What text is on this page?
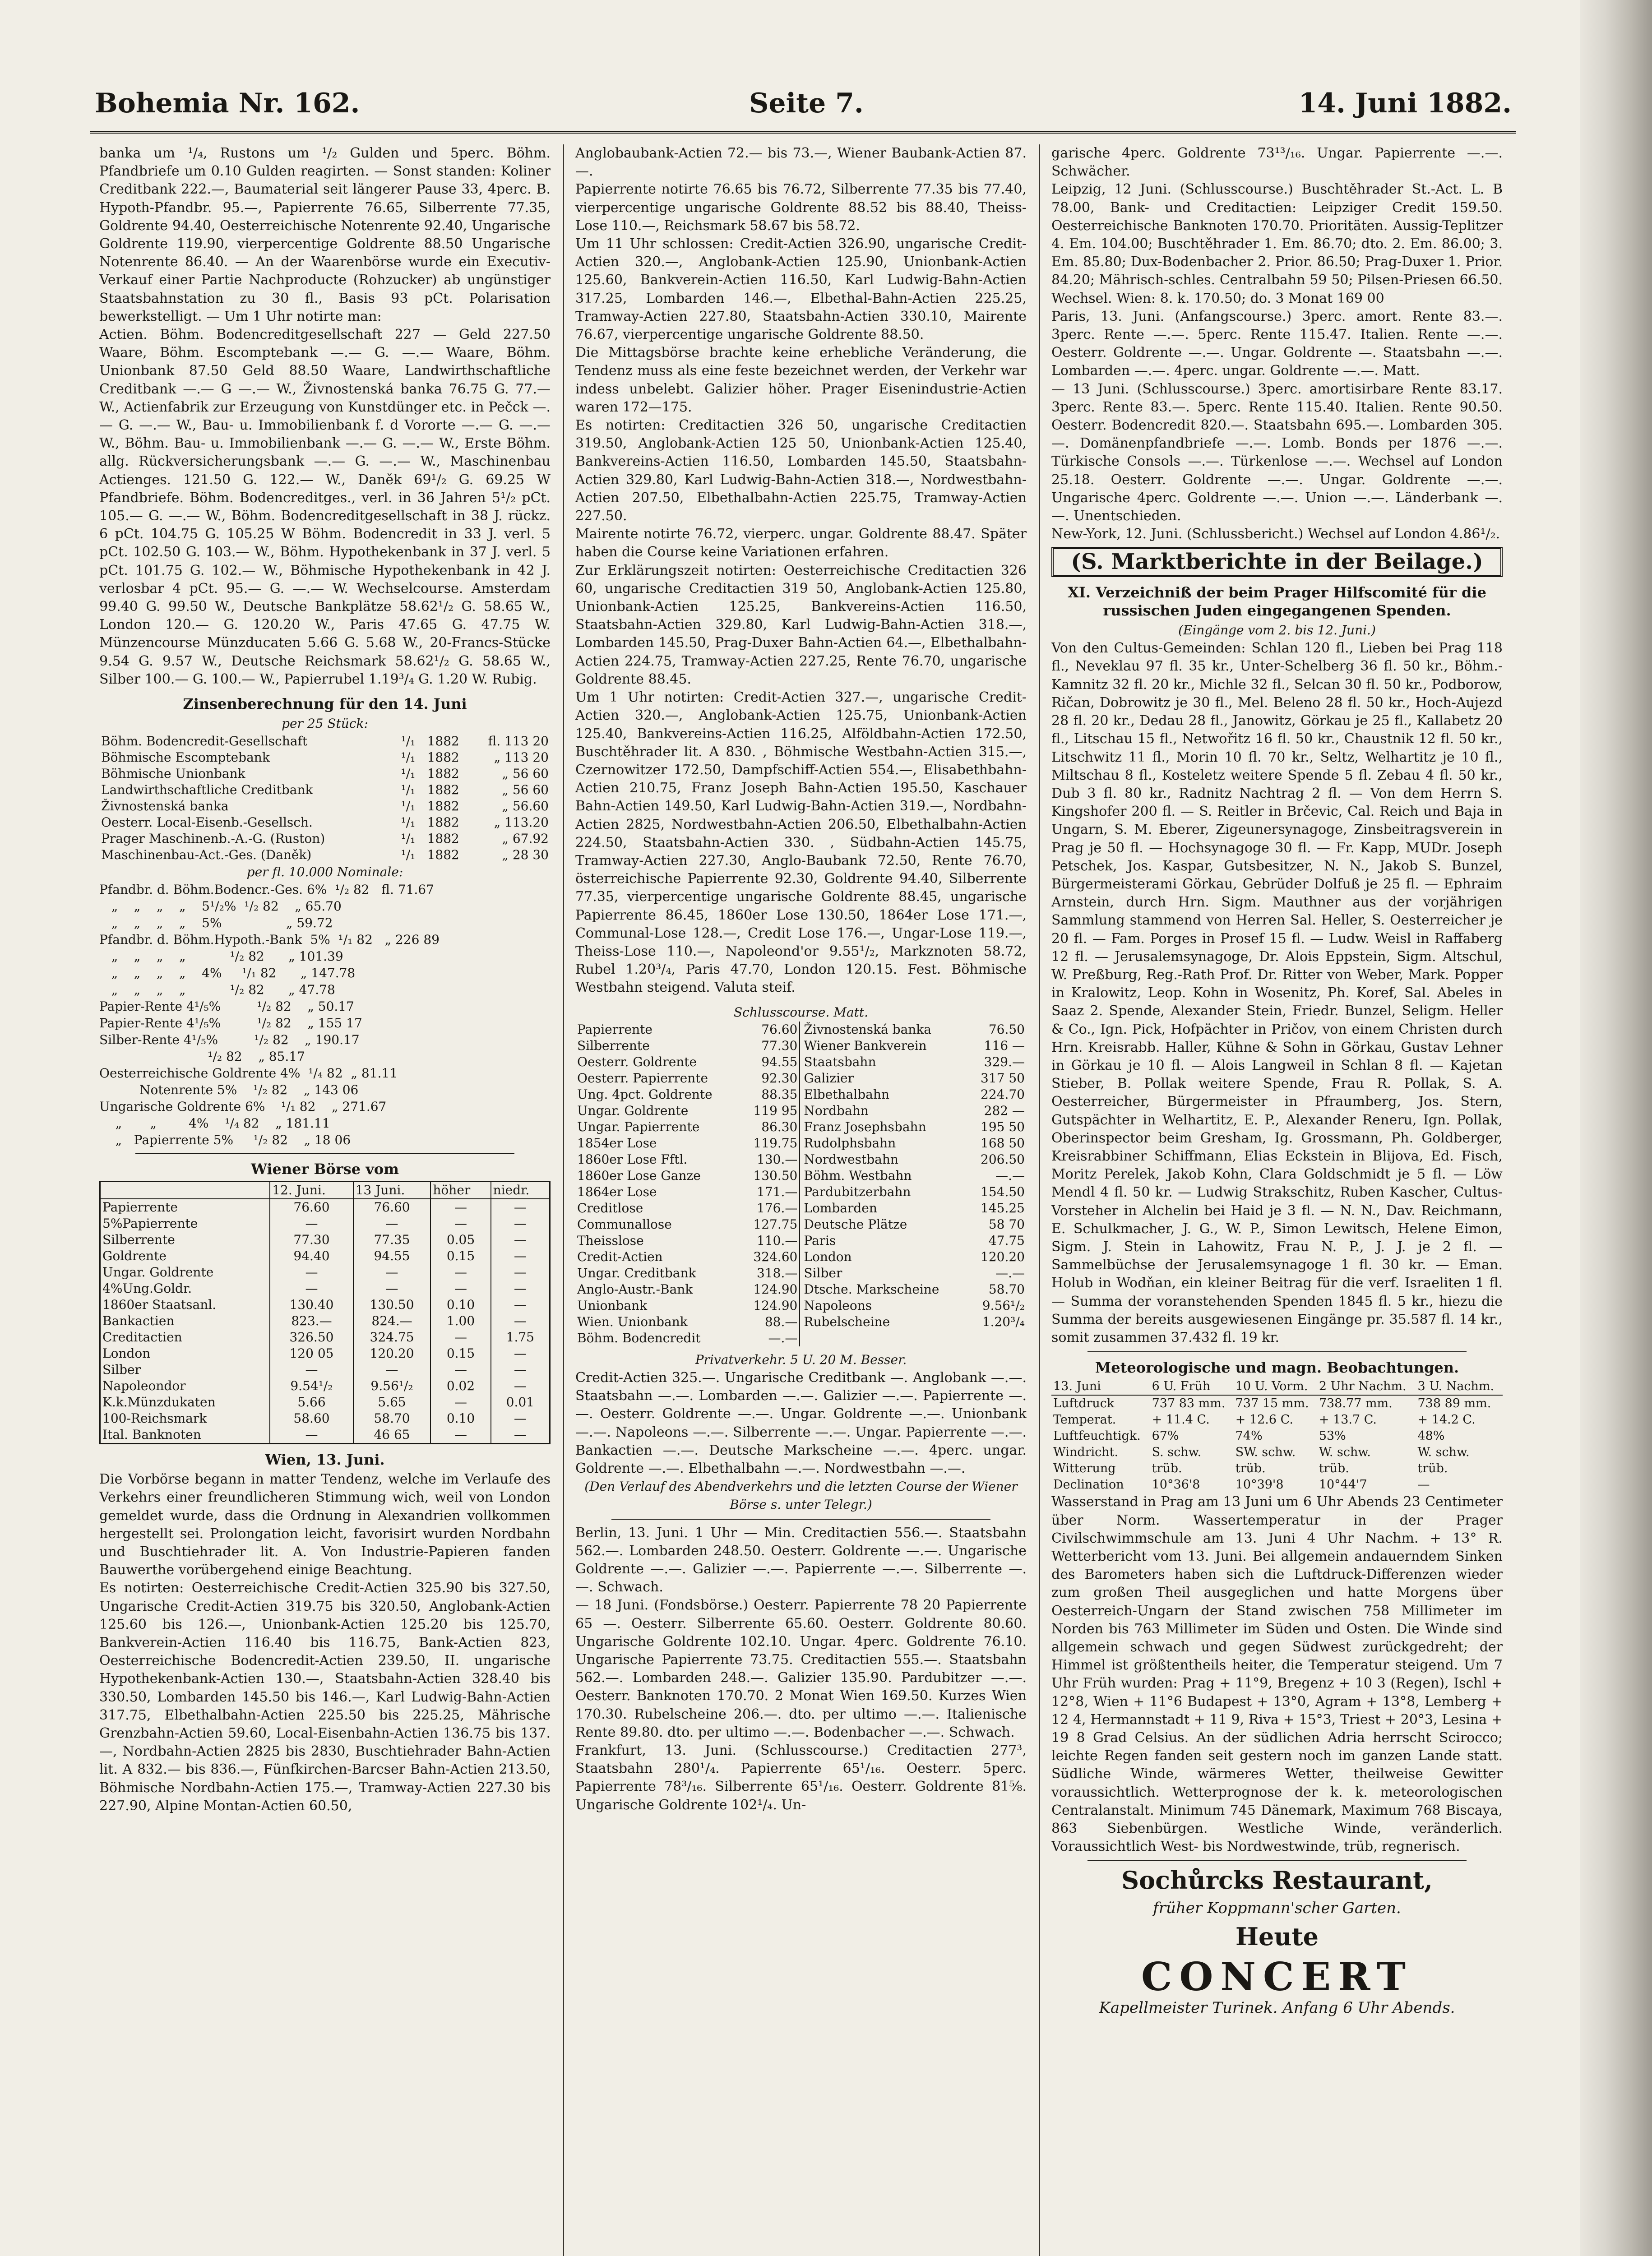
Bohemia Nr. 162.	Seite 7.	14. Juni 1882.

banka um ¹/₄, Rustons um ¹/₂ Gulden und 5perc. Böhm. Pfandbriefe um 0.10 Gulden reagirten. — Sonst standen: Koliner Creditbank 222.—, Baumaterial seit längerer Pause 33, 4perc. B. Hypoth-Pfandbr. 95.—, Papierrente 76.65, Silberrente 77.35, Goldrente 94.40, Oesterreichische Notenrente 92.40, Ungarische Goldrente 119.90, vierpercentige Goldrente 88.50 Ungarische Notenrente 86.40. — An der Waarenbörse wurde ein Executiv-Verkauf einer Partie Nachproducte (Rohzucker) ab ungünstiger Staatsbahnstation zu 30 fl., Basis 93 pCt. Polarisation bewerkstelligt. — Um 1 Uhr notirte man:

Actien. Böhm. Bodencreditgesellschaft 227 — Geld 227.50 Waare, Böhm. Escomptebank —.— G. —.— Waare, Böhm. Unionbank 87.50 Geld 88.50 Waare, Landwirthschaftliche Creditbank —.— G —.— W., Živnostenská banka 76.75 G. 77.— W., Actienfabrik zur Erzeugung von Kunstdünger etc. in Pečck —.— G. —.— W., Bau- u. Immobilienbank f. d Vororte —.— G. —.— W., Böhm. Bau- u. Immobilienbank —.— G. —.— W., Erste Böhm. allg. Rückversicherungsbank —.— G. —.— W., Maschinenbau Actienges. 121.50 G. 122.— W., Daněk 69¹/₂ G. 69.25 W Pfandbriefe. Böhm. Bodencreditges., verl. in 36 Jahren 5¹/₂ pCt. 105.— G. —.— W., Böhm. Bodencreditgesellschaft in 38 J. rückz. 6 pCt. 104.75 G. 105.25 W Böhm. Bodencredit in 33 J. verl. 5 pCt. 102.50 G. 103.— W., Böhm. Hypothekenbank in 37 J. verl. 5 pCt. 101.75 G. 102.— W., Böhmische Hypothekenbank in 42 J. verlosbar 4 pCt. 95.— G. —.— W. Wechselcourse. Amsterdam 99.40 G. 99.50 W., Deutsche Bankplätze 58.62¹/₂ G. 58.65 W., London 120.— G. 120.20 W., Paris 47.65 G. 47.75 W. Münzencourse Münzducaten 5.66 G. 5.68 W., 20-Francs-Stücke 9.54 G. 9.57 W., Deutsche Reichsmark 58.62¹/₂ G. 58.65 W., Silber 100.— G. 100.— W., Papierrubel 1.19³/₄ G. 1.20 W. Rubig.

Zinsenberechnung für den 14. Juni

per 25 Stück:

Böhm. Bodencredit-Gesellschaft	¹/₁	1882	fl. 113 20
Böhmische Escomptebank	¹/₁	1882	„ 113 20
Böhmische Unionbank	¹/₁	1882	„ 56 60
Landwirthschaftliche Creditbank	¹/₁	1882	„ 56 60
Živnostenská banka	¹/₁	1882	„ 56.60
Oesterr. Local-Eisenb.-Gesellsch.	¹/₁	1882	„ 113.20
Prager Maschinenb.-A.-G. (Ruston)	¹/₁	1882	„ 67.92
Maschinenbau-Act.-Ges. (Daněk)	¹/₁	1882	„ 28 30

per fl. 10.000 Nominale:

Pfandbr. d. Böhm.Bodencr.-Ges. 6%  ¹/₂ 82   fl. 71.67
„    „    „    „    5¹/₂%  ¹/₂ 82    „ 65.70
„    „    „    „    5%                „ 59.72
Pfandbr. d. Böhm.Hypoth.-Bank  5%  ¹/₁ 82   „ 226 89
„    „    „    „           ¹/₂ 82      „ 101.39
„    „    „    „    4%     ¹/₁ 82      „ 147.78
„    „    „    „           ¹/₂ 82      „ 47.78
Papier-Rente 4¹/₅%         ¹/₂ 82    „ 50.17
Papier-Rente 4¹/₅%         ¹/₂ 82    „ 155 17
Silber-Rente 4¹/₅%         ¹/₂ 82    „ 190.17
¹/₂ 82    „ 85.17
Oesterreichische Goldrente 4%  ¹/₄ 82  „ 81.11
Notenrente 5%    ¹/₂ 82    „ 143 06
Ungarische Goldrente 6%    ¹/₁ 82    „ 271.67
„       „        4%    ¹/₄ 82    „ 181.11
„   Papierrente 5%     ¹/₂ 82    „ 18 06

Wiener Börse vom

	12. Juni.	13 Juni.	höher	niedr.
Papierrente	76.60	76.60	—	—
5%Papierrente	—	—	—	—
Silberrente	77.30	77.35	0.05	—
Goldrente	94.40	94.55	0.15	—
Ungar. Goldrente	—	—	—	—
4%Ung.Goldr.	—	—	—	—
1860er Staatsanl.	130.40	130.50	0.10	—
Bankactien	823.—	824.—	1.00	—
Creditactien	326.50	324.75	—	1.75
London	120 05	120.20	0.15	—
Silber	—	—	—	—
Napoleondor	9.54¹/₂	9.56¹/₂	0.02	—
K.k.Münzdukaten	5.66	5.65	—	0.01
100-Reichsmark	58.60	58.70	0.10	—
Ital. Banknoten	—	46 65	—	—

Wien, 13. Juni.

Die Vorbörse begann in matter Tendenz, welche im Verlaufe des Verkehrs einer freundlicheren Stimmung wich, weil von London gemeldet wurde, dass die Ordnung in Alexandrien vollkommen hergestellt sei. Prolongation leicht, favorisirt wurden Nordbahn und Buschtiehrader lit. A. Von Industrie-Papieren fanden Bauwerthe vorübergehend einige Beachtung.

Es notirten: Oesterreichische Credit-Actien 325.90 bis 327.50, Ungarische Credit-Actien 319.75 bis 320.50, Anglobank-Actien 125.60 bis 126.—, Unionbank-Actien 125.20 bis 125.70, Bankverein-Actien 116.40 bis 116.75, Bank-Actien 823, Oesterreichische Bodencredit-Actien 239.50, II. ungarische Hypothekenbank-Actien 130.—, Staatsbahn-Actien 328.40 bis 330.50, Lombarden 145.50 bis 146.—, Karl Ludwig-Bahn-Actien 317.75, Elbethalbahn-Actien 225.50 bis 225.25, Mährische Grenzbahn-Actien 59.60, Local-Eisenbahn-Actien 136.75 bis 137.—, Nordbahn-Actien 2825 bis 2830, Buschtiehrader Bahn-Actien lit. A 832.— bis 836.—, Fünfkirchen-Barcser Bahn-Actien 213.50, Böhmische Nordbahn-Actien 175.—, Tramway-Actien 227.30 bis 227.90, Alpine Montan-Actien 60.50,

Anglobaubank-Actien 72.— bis 73.—, Wiener Baubank-Actien 87.—.

Papierrente notirte 76.65 bis 76.72, Silberrente 77.35 bis 77.40, vierpercentige ungarische Goldrente 88.52 bis 88.40, Theiss-Lose 110.—, Reichsmark 58.67 bis 58.72.

Um 11 Uhr schlossen: Credit-Actien 326.90, ungarische Credit-Actien 320.—, Anglobank-Actien 125.90, Unionbank-Actien 125.60, Bankverein-Actien 116.50, Karl Ludwig-Bahn-Actien 317.25, Lombarden 146.—, Elbethal-Bahn-Actien 225.25, Tramway-Actien 227.80, Staatsbahn-Actien 330.10, Mairente 76.67, vierpercentige ungarische Goldrente 88.50.

Die Mittagsbörse brachte keine erhebliche Veränderung, die Tendenz muss als eine feste bezeichnet werden, der Verkehr war indess unbelebt. Galizier höher. Prager Eisenindustrie-Actien waren 172—175.

Es notirten: Creditactien 326 50, ungarische Creditactien 319.50, Anglobank-Actien 125 50, Unionbank-Actien 125.40, Bankvereins-Actien 116.50, Lombarden 145.50, Staatsbahn-Actien 329.80, Karl Ludwig-Bahn-Actien 318.—, Nordwestbahn-Actien 207.50, Elbethalbahn-Actien 225.75, Tramway-Actien 227.50.

Mairente notirte 76.72, vierperc. ungar. Goldrente 88.47. Später haben die Course keine Variationen erfahren.

Zur Erklärungszeit notirten: Oesterreichische Creditactien 326 60, ungarische Creditactien 319 50, Anglobank-Actien 125.80, Unionbank-Actien 125.25, Bankvereins-Actien 116.50, Staatsbahn-Actien 329.80, Karl Ludwig-Bahn-Actien 318.—, Lombarden 145.50, Prag-Duxer Bahn-Actien 64.—, Elbethalbahn-Actien 224.75, Tramway-Actien 227.25, Rente 76.70, ungarische Goldrente 88.45.

Um 1 Uhr notirten: Credit-Actien 327.—, ungarische Credit-Actien 320.—, Anglobank-Actien 125.75, Unionbank-Actien 125.40, Bankvereins-Actien 116.25, Alföldbahn-Actien 172.50, Buschtěhrader lit. A 830. , Böhmische Westbahn-Actien 315.—, Czernowitzer 172.50, Dampfschiff-Actien 554.—, Elisabethbahn-Actien 210.75, Franz Joseph Bahn-Actien 195.50, Kaschauer Bahn-Actien 149.50, Karl Ludwig-Bahn-Actien 319.—, Nordbahn-Actien 2825, Nordwestbahn-Actien 206.50, Elbethalbahn-Actien 224.50, Staatsbahn-Actien 330. , Südbahn-Actien 145.75, Tramway-Actien 227.30, Anglo-Baubank 72.50, Rente 76.70, österreichische Papierrente 92.30, Goldrente 94.40, Silberrente 77.35, vierpercentige ungarische Goldrente 88.45, ungarische Papierrente 86.45, 1860er Lose 130.50, 1864er Lose 171.—, Communal-Lose 128.—, Credit Lose 176.—, Ungar-Lose 119.—, Theiss-Lose 110.—, Napoleond'or 9.55¹/₂, Markznoten 58.72, Rubel 1.20³/₄, Paris 47.70, London 120.15. Fest. Böhmische Westbahn steigend. Valuta steif.

Schlusscourse. Matt.

Papierrente	76.60	Živnostenská banka	76.50
Silberrente	77.30	Wiener Bankverein	116 —
Oesterr. Goldrente	94.55	Staatsbahn	329.—
Oesterr. Papierrente	92.30	Galizier	317 50
Ung. 4pct. Goldrente	88.35	Elbethalbahn	224.70
Ungar. Goldrente	119 95	Nordbahn	282 —
Ungar. Papierrente	86.30	Franz Josephsbahn	195 50
1854er Lose	119.75	Rudolphsbahn	168 50
1860er Lose Fftl.	130.—	Nordwestbahn	206.50
1860er Lose Ganze	130.50	Böhm. Westbahn	—.—
1864er Lose	171.—	Pardubitzerbahn	154.50
Creditlose	176.—	Lombarden	145.25
Communallose	127.75	Deutsche Plätze	58 70
Theisslose	110.—	Paris	47.75
Credit-Actien	324.60	London	120.20
Ungar. Creditbank	318.—	Silber	—.—
Anglo-Austr.-Bank	124.90	Dtsche. Markscheine	58.70
Unionbank	124.90	Napoleons	9.56¹/₂
Wien. Unionbank	88.—	Rubelscheine	1.20³/₄
Böhm. Bodencredit	—.—		

Privatverkehr. 5 U. 20 M. Besser.

Credit-Actien 325.—. Ungarische Creditbank —. Anglobank —.—. Staatsbahn —.—. Lombarden —.—. Galizier —.—. Papierrente —.—. Oesterr. Goldrente —.—. Ungar. Goldrente —.—. Unionbank —.—. Napoleons —.—. Silberrente —.—. Ungar. Papierrente —.—. Bankactien —.—. Deutsche Markscheine —.—. 4perc. ungar. Goldrente —.—. Elbethalbahn —.—. Nordwestbahn —.—.

(Den Verlauf des Abendverkehrs und die letzten Course der Wiener Börse s. unter Telegr.)

Berlin, 13. Juni. 1 Uhr — Min. Creditactien 556.—. Staatsbahn 562.—. Lombarden 248.50. Oesterr. Goldrente —.—. Ungarische Goldrente —.—. Galizier —.—. Papierrente —.—. Silberrente —.—. Schwach.

— 18 Juni. (Fondsbörse.) Oesterr. Papierrente 78 20 Papierrente 65 —. Oesterr. Silberrente 65.60. Oesterr. Goldrente 80.60. Ungarische Goldrente 102.10. Ungar. 4perc. Goldrente 76.10. Ungarische Papierrente 73.75. Creditactien 555.—. Staatsbahn 562.—. Lombarden 248.—. Galizier 135.90. Pardubitzer —.—. Oesterr. Banknoten 170.70. 2 Monat Wien 169.50. Kurzes Wien 170.30. Rubelscheine 206.—. dto. per ultimo —.—. Italienische Rente 89.80. dto. per ultimo —.—. Bodenbacher —.—. Schwach.

Frankfurt, 13. Juni. (Schlusscourse.) Creditactien 277³, Staatsbahn 280¹/₄. Papierrente 65¹/₁₆. Oesterr. 5perc. Papierrente 78³/₁₆. Silberrente 65¹/₁₆. Oesterr. Goldrente 81⅝. Ungarische Goldrente 102¹/₄. Un-

garische 4perc. Goldrente 73¹³/₁₆. Ungar. Papierrente —.—. Schwächer.

Leipzig, 12 Juni. (Schlusscourse.) Buschtěhrader St.-Act. L. B 78.00, Bank- und Creditactien: Leipziger Credit 159.50. Oesterreichische Banknoten 170.70. Prioritäten. Aussig-Teplitzer 4. Em. 104.00; Buschtěhrader 1. Em. 86.70; dto. 2. Em. 86.00; 3. Em. 85.80; Dux-Bodenbacher 2. Prior. 86.50; Prag-Duxer 1. Prior. 84.20; Mährisch-schles. Centralbahn 59 50; Pilsen-Priesen 66.50. Wechsel. Wien: 8. k. 170.50; do. 3 Monat 169 00

Paris, 13. Juni. (Anfangscourse.) 3perc. amort. Rente 83.—. 3perc. Rente —.—. 5perc. Rente 115.47. Italien. Rente —.—. Oesterr. Goldrente —.—. Ungar. Goldrente —. Staatsbahn —.—. Lombarden —.—. 4perc. ungar. Goldrente —.—. Matt.

— 13 Juni. (Schlusscourse.) 3perc. amortisirbare Rente 83.17. 3perc. Rente 83.—. 5perc. Rente 115.40. Italien. Rente 90.50. Oesterr. Bodencredit 820.—. Staatsbahn 695.—. Lombarden 305.—. Domänenpfandbriefe —.—. Lomb. Bonds per 1876 —.—. Türkische Consols —.—. Türkenlose —.—. Wechsel auf London 25.18. Oesterr. Goldrente —.—. Ungar. Goldrente —.—. Ungarische 4perc. Goldrente —.—. Union —.—. Länderbank —.—. Unentschieden.

New-York, 12. Juni. (Schlussbericht.) Wechsel auf London 4.86¹/₂.

(S. Marktberichte in der Beilage.)

XI. Verzeichniß der beim Prager Hilfscomité für die russischen Juden eingegangenen Spenden.

(Eingänge vom 2. bis 12. Juni.)

Von den Cultus-Gemeinden: Schlan 120 fl., Lieben bei Prag 118 fl., Neveklau 97 fl. 35 kr., Unter-Schelberg 36 fl. 50 kr., Böhm.-Kamnitz 32 fl. 20 kr., Michle 32 fl., Selcan 30 fl. 50 kr., Podborow, Ričan, Dobrowitz je 30 fl., Mel. Beleno 28 fl. 50 kr., Hoch-Aujezd 28 fl. 20 kr., Dedau 28 fl., Janowitz, Görkau je 25 fl., Kallabetz 20 fl., Litschau 15 fl., Netwořitz 16 fl. 50 kr., Chaustnik 12 fl. 50 kr., Litschwitz 11 fl., Morin 10 fl. 70 kr., Seltz, Welhartitz je 10 fl., Miltschau 8 fl., Kosteletz weitere Spende 5 fl. Zebau 4 fl. 50 kr., Dub 3 fl. 80 kr., Radnitz Nachtrag 2 fl. — Von dem Herrn S. Kingshofer 200 fl. — S. Reitler in Brčevic, Cal. Reich und Baja in Ungarn, S. M. Eberer, Zigeunersynagoge, Zinsbeitragsverein in Prag je 50 fl. — Hochsynagoge 30 fl. — Fr. Kapp, MUDr. Joseph Petschek, Jos. Kaspar, Gutsbesitzer, N. N., Jakob S. Bunzel, Bürgermeisterami Görkau, Gebrüder Dolfuß je 25 fl. — Ephraim Arnstein, durch Hrn. Sigm. Mauthner aus der vorjährigen Sammlung stammend von Herren Sal. Heller, S. Oesterreicher je 20 fl. — Fam. Porges in Prosef 15 fl. — Ludw. Weisl in Raffaberg 12 fl. — Jerusalemsynagoge, Dr. Alois Eppstein, Sigm. Altschul, W. Preßburg, Reg.-Rath Prof. Dr. Ritter von Weber, Mark. Popper in Kralowitz, Leop. Kohn in Wosenitz, Ph. Koref, Sal. Abeles in Saaz 2. Spende, Alexander Stein, Friedr. Bunzel, Seligm. Heller & Co., Ign. Pick, Hofpächter in Pričov, von einem Christen durch Hrn. Kreisrabb. Haller, Kühne & Sohn in Görkau, Gustav Lehner in Görkau je 10 fl. — Alois Langweil in Schlan 8 fl. — Kajetan Stieber, B. Pollak weitere Spende, Frau R. Pollak, S. A. Oesterreicher, Bürgermeister in Pfraumberg, Jos. Stern, Gutspächter in Welhartitz, E. P., Alexander Reneru, Ign. Pollak, Oberinspector beim Gresham, Ig. Grossmann, Ph. Goldberger, Kreisrabbiner Schiffmann, Elias Eckstein in Blijova, Ed. Fisch, Moritz Perelek, Jakob Kohn, Clara Goldschmidt je 5 fl. — Löw Mendl 4 fl. 50 kr. — Ludwig Strakschitz, Ruben Kascher, Cultus-Vorsteher in Alchelin bei Haid je 3 fl. — N. N., Dav. Reichmann, E. Schulkmacher, J. G., W. P., Simon Lewitsch, Helene Eimon, Sigm. J. Stein in Lahowitz, Frau N. P., J. J. je 2 fl. — Sammelbüchse der Jerusalemsynagoge 1 fl. 30 kr. — Eman. Holub in Wodňan, ein kleiner Beitrag für die verf. Israeliten 1 fl. — Summa der voranstehenden Spenden 1845 fl. 5 kr., hiezu die Summa der bereits ausgewiesenen Eingänge pr. 35.587 fl. 14 kr., somit zusammen 37.432 fl. 19 kr.

Meteorologische und magn. Beobachtungen.

13. Juni	6 U. Früh	10 U. Vorm.	2 Uhr Nachm.	3 U. Nachm.
Luftdruck	737 83 mm.	737 15 mm.	738.77 mm.	738 89 mm.
Temperat.	+ 11.4 C.	+ 12.6 C.	+ 13.7 C.	+ 14.2 C.
Luftfeuchtigk.	67%	74%	53%	48%
Windricht.	S. schw.	SW. schw.	W. schw.	W. schw.
Witterung	trüb.	trüb.	trüb.	trüb.
Declination	10°36'8	10°39'8	10°44'7	—

Wasserstand in Prag am 13 Juni um 6 Uhr Abends 23 Centimeter über Norm. Wassertemperatur in der Prager Civilschwimmschule am 13. Juni 4 Uhr Nachm. + 13° R. Wetterbericht vom 13. Juni. Bei allgemein andauerndem Sinken des Barometers haben sich die Luftdruck-Differenzen wieder zum großen Theil ausgeglichen und hatte Morgens über Oesterreich-Ungarn der Stand zwischen 758 Millimeter im Norden bis 763 Millimeter im Süden und Osten. Die Winde sind allgemein schwach und gegen Südwest zurückgedreht; der Himmel ist größtentheils heiter, die Temperatur steigend. Um 7 Uhr Früh wurden: Prag + 11°9, Bregenz + 10 3 (Regen), Ischl + 12°8, Wien + 11°6 Budapest + 13°0, Agram + 13°8, Lemberg + 12 4, Hermannstadt + 11 9, Riva + 15°3, Triest + 20°3, Lesina + 19 8 Grad Celsius. An der südlichen Adria herrscht Scirocco; leichte Regen fanden seit gestern noch im ganzen Lande statt. Südliche Winde, wärmeres Wetter, theilweise Gewitter voraussichtlich. Wetterprognose der k. k. meteorologischen Centralanstalt. Minimum 745 Dänemark, Maximum 768 Biscaya, 863 Siebenbürgen. Westliche Winde, veränderlich. Voraussichtlich West- bis Nordwestwinde, trüb, regnerisch.

Sochůrcks Restaurant,

früher Koppmann'scher Garten.

Heute

CONCERT

Kapellmeister Turinek. Anfang 6 Uhr Abends.
